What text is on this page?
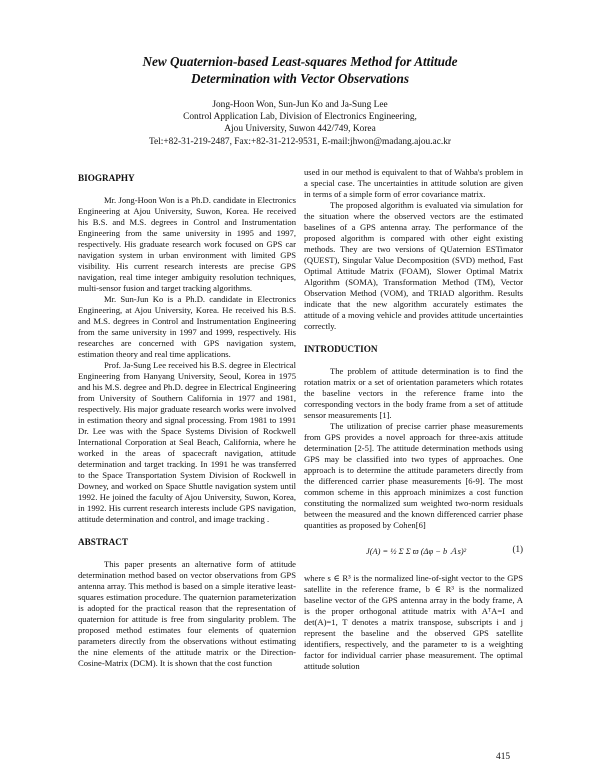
New Quaternion-based Least-squares Method for Attitude
Determination with Vector Observations
Jong-Hoon Won, Sun-Jun Ko and Ja-Sung Lee
Control Application Lab, Division of Electronics Engineering,
Ajou University, Suwon 442/749, Korea
Tel:+82-31-219-2487, Fax:+82-31-212-9531, E-mail:jhwon@madang.ajou.ac.kr
BIOGRAPHY

Mr. Jong-Hoon Won is a Ph.D. candidate in Electronics Engineering at Ajou University, Suwon, Korea. He received his B.S. and M.S. degrees in Control and Instrumentation Engineering from the same university in 1995 and 1997, respectively. His graduate research work focused on GPS car navigation system in urban environment with limited GPS visibility. His current research interests are precise GPS navigation, real time integer ambiguity resolution techniques, multi-sensor fusion and target tracking algorithms.

Mr. Sun-Jun Ko is a Ph.D. candidate in Electronics Engineering, at Ajou University, Korea. He received his B.S. and M.S. degrees in Control and Instrumentation Engineering from the same university in 1997 and 1999, respectively. His researches are concerned with GPS navigation system, estimation theory and real time applications.

Prof. Ja-Sung Lee received his B.S. degree in Electrical Engineering from Hanyang University, Seoul, Korea in 1975 and his M.S. degree and Ph.D. degree in Electrical Engineering from University of Southern California in 1977 and 1981, respectively. His major graduate research works were involved in estimation theory and signal processing. From 1981 to 1991 Dr. Lee was with the Space Systems Division of Rockwell International Corporation at Seal Beach, California, where he worked in the areas of spacecraft navigation, attitude determination and target tracking. In 1991 he was transferred to the Space Transportation System Division of Rockwell in Downey, and worked on Space Shuttle navigation system until 1992. He joined the faculty of Ajou University, Suwon, Korea, in 1992. His current research interests include GPS navigation, attitude determination and control, and image tracking .

ABSTRACT

This paper presents an alternative form of attitude determination method based on vector observations from GPS antenna array. This method is based on a simple iterative least-squares estimation procedure. The quaternion parameterization is adopted for the practical reason that the representation of quaternion for attitude is free from singularity problem. The proposed method estimates four elements of quaternion parameters directly from the observations without estimating the nine elements of the attitude matrix or the Direction-Cosine-Matrix (DCM). It is shown that the cost function

used in our method is equivalent to that of Wahba's problem in a special case. The uncertainties in attitude solution are given in terms of a simple form of error covariance matrix.

The proposed algorithm is evaluated via simulation for the situation where the observed vectors are the estimated baselines of a GPS antenna array. The performance of the proposed algorithm is compared with other eight existing methods. They are two versions of QUaternion ESTimator (QUEST), Singular Value Decomposition (SVD) method, Fast Optimal Attitude Matrix (FOAM), Slower Optimal Matrix Algorithm (SOMA), Transformation Method (TM), Vector Observation Method (VOM), and TRIAD algorithm. Results indicate that the new algorithm accurately estimates the attitude of a moving vehicle and provides attitude uncertainties correctly.

INTRODUCTION

The problem of attitude determination is to find the rotation matrix or a set of orientation parameters which rotates the baseline vectors in the reference frame into the corresponding vectors in the body frame from a set of attitude sensor measurements [1].

The utilization of precise carrier phase measurements from GPS provides a novel approach for three-axis attitude determination [2-5]. The attitude determination methods using GPS may be classified into two types of approaches. One approach is to determine the attitude parameters directly from the differenced carrier phase measurements [6-9]. The most common scheme in this approach minimizes a cost function constituting the normalized sum weighted two-norm residuals between the measured and the known differenced carrier phase quantities as proposed by Cohen[6]

J(A) = ½ Σ Σ ϖ (Δφ − b Ａs)²	(1)

where s ∈ R³ is the normalized line-of-sight vector to the GPS satellite in the reference frame, b ∈ R³ is the normalized baseline vector of the GPS antenna array in the body frame, A is the proper orthogonal attitude matrix with AᵀA=I and det(A)=1, T denotes a matrix transpose, subscripts i and j represent the baseline and the observed GPS satellite identifiers, respectively, and the parameter ϖ is a weighting factor for individual carrier phase measurement. The optimal attitude solution

415
